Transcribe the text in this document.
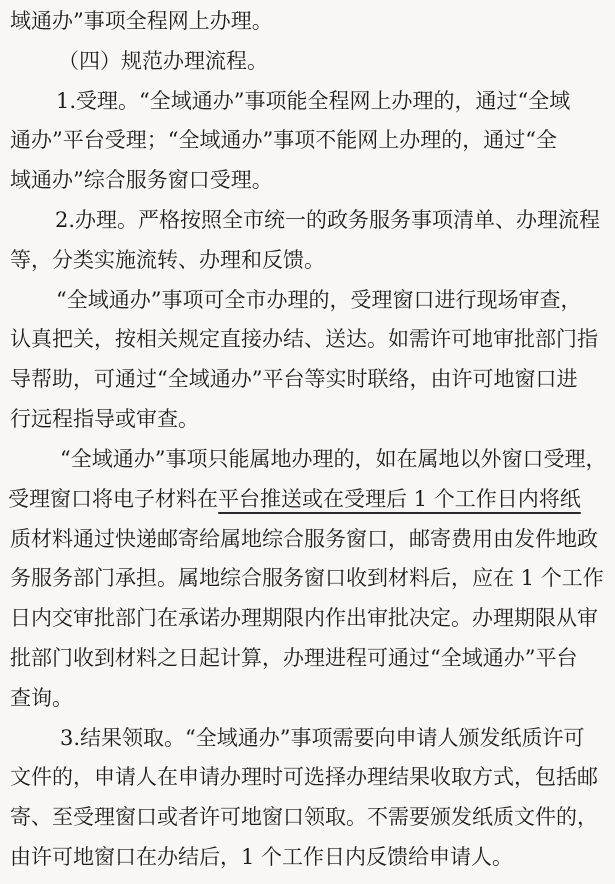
域通办”事项全程网上办理。
（四）规范办理流程。
1.受理。“全域通办”事项能全程网上办理的，通过“全域
通办”平台受理；“全域通办”事项不能网上办理的，通过“全
域通办”综合服务窗口受理。
2.办理。严格按照全市统一的政务服务事项清单、办理流程
等，分类实施流转、办理和反馈。
“全域通办”事项可全市办理的，受理窗口进行现场审查，
认真把关，按相关规定直接办结、送达。如需许可地审批部门指
导帮助，可通过“全域通办”平台等实时联络，由许可地窗口进
行远程指导或审查。
“全域通办”事项只能属地办理的，如在属地以外窗口受理，
受理窗口将电子材料在平台推送或在受理后 1 个工作日内将纸
质材料通过快递邮寄给属地综合服务窗口，邮寄费用由发件地政
务服务部门承担。属地综合服务窗口收到材料后，应在 1 个工作
日内交审批部门在承诺办理期限内作出审批决定。办理期限从审
批部门收到材料之日起计算，办理进程可通过“全域通办”平台
查询。
3.结果领取。“全域通办”事项需要向申请人颁发纸质许可
文件的，申请人在申请办理时可选择办理结果收取方式，包括邮
寄、至受理窗口或者许可地窗口领取。不需要颁发纸质文件的，
由许可地窗口在办结后，1 个工作日内反馈给申请人。
